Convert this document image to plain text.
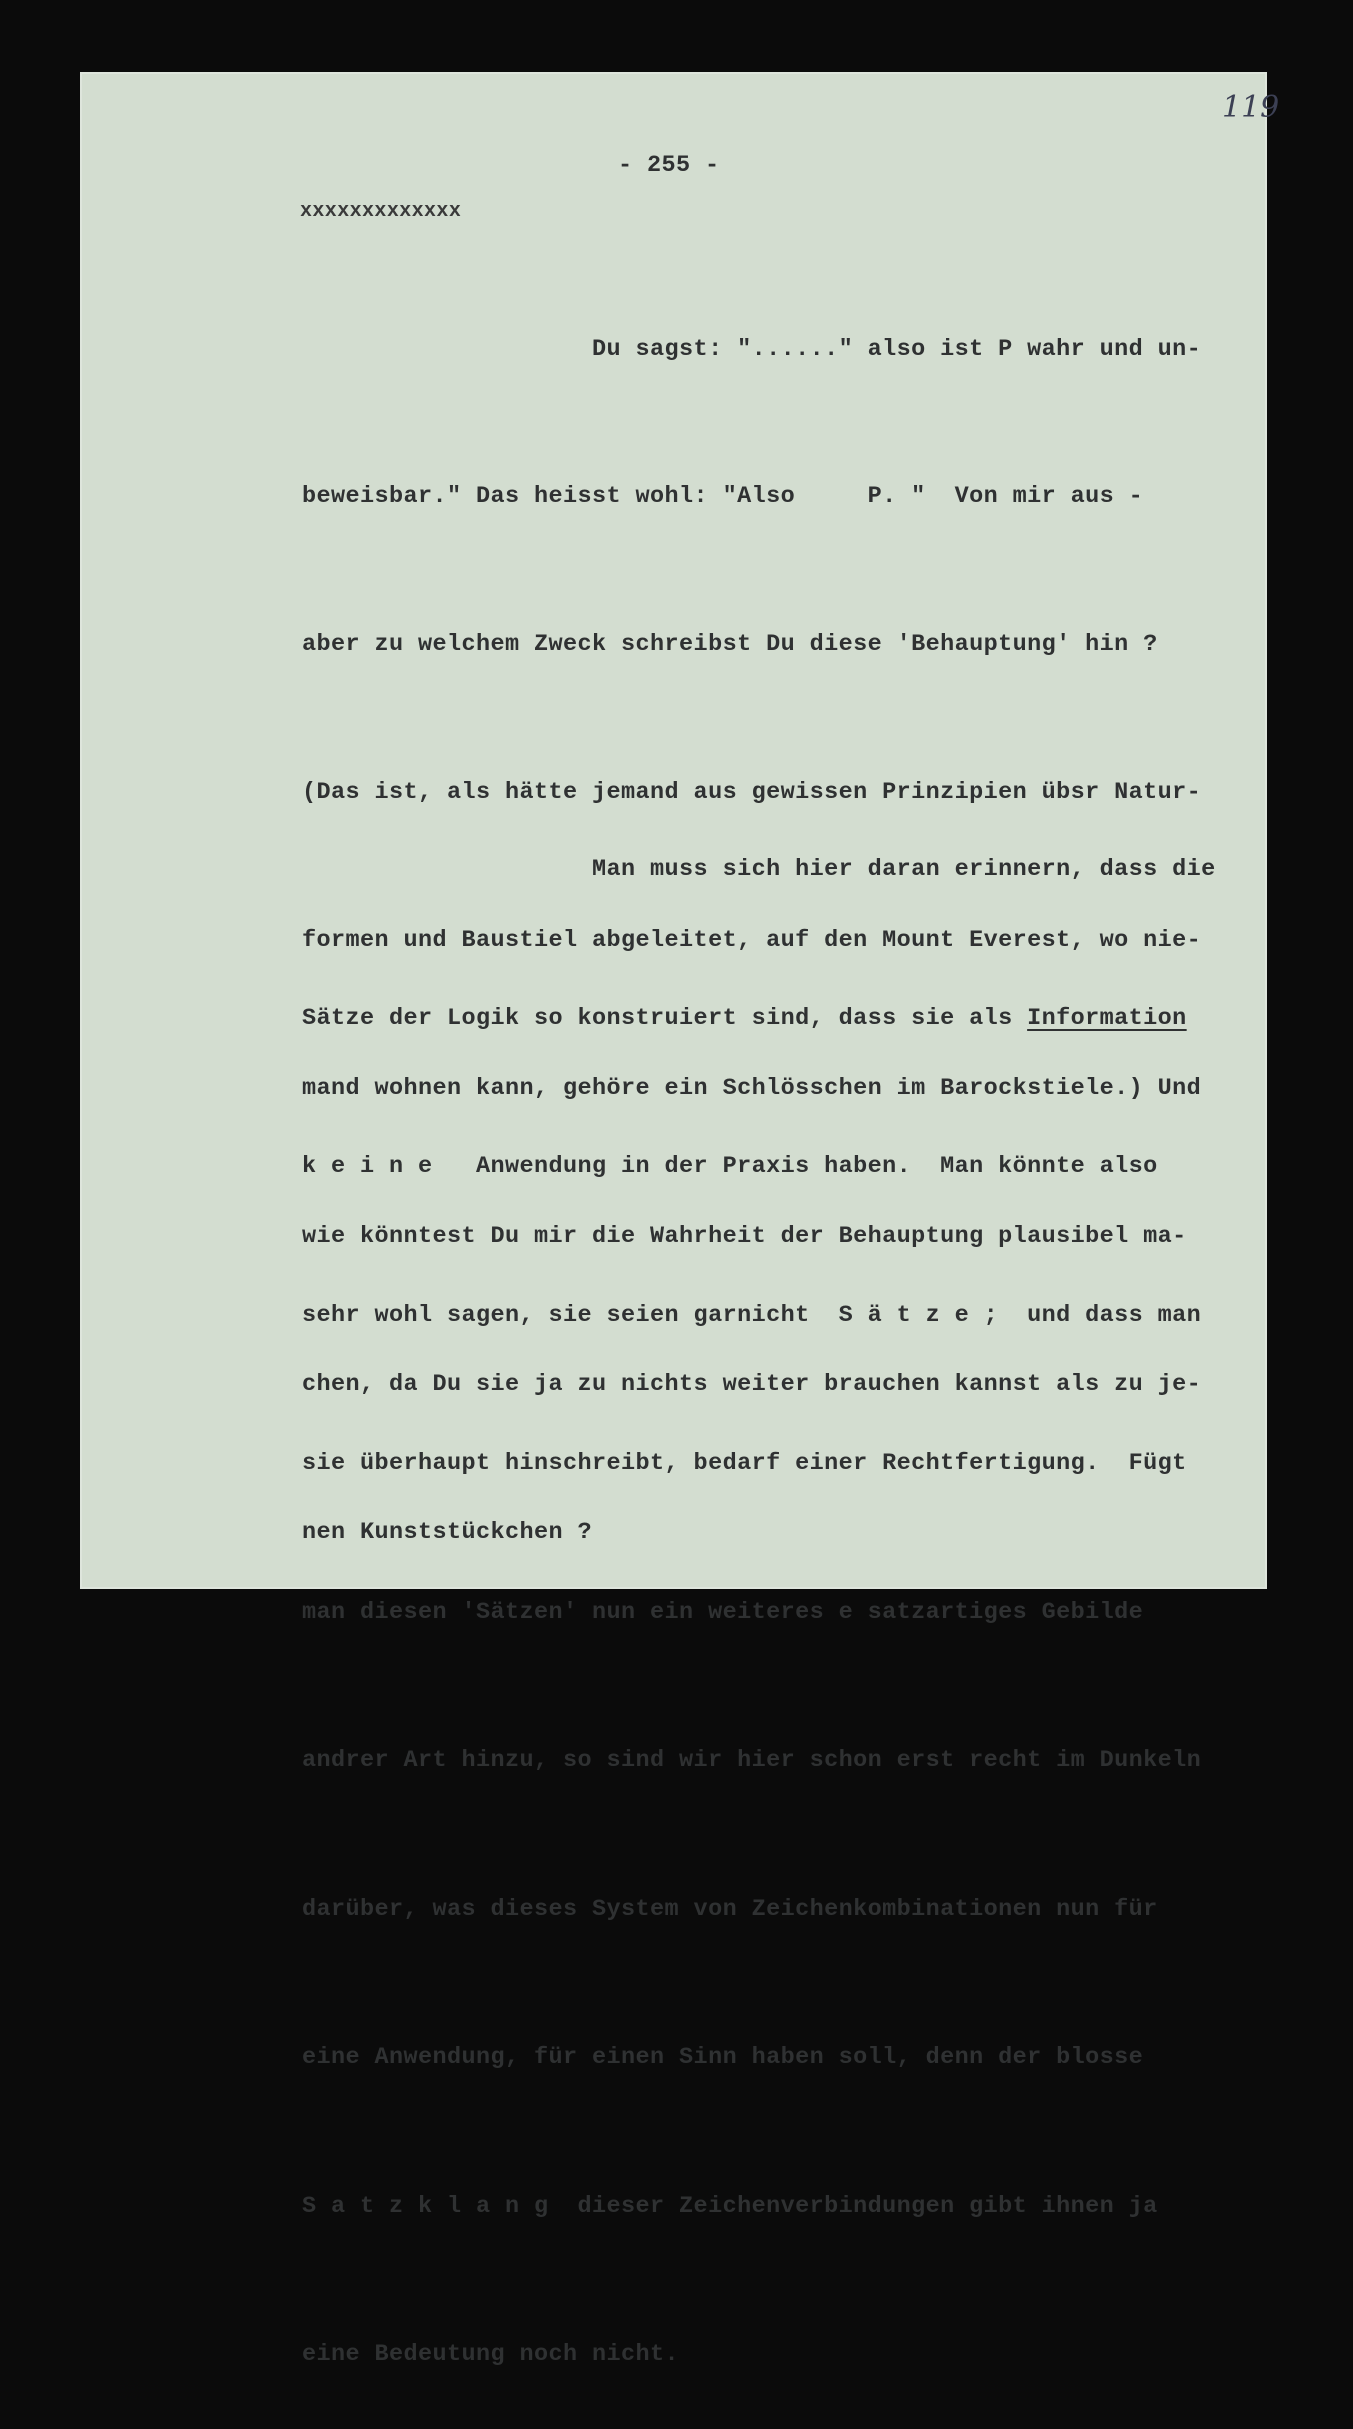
119
- 255 -
xxxxxxxxxxxxx

Du sagst: "......" also ist P wahr und un-

beweisbar." Das heisst wohl: "Also     P. "  Von mir aus -

aber zu welchem Zweck schreibst Du diese 'Behauptung' hin ?

(Das ist, als hätte jemand aus gewissen Prinzipien übsr Natur-

formen und Baustiel abgeleitet, auf den Mount Everest, wo nie-

mand wohnen kann, gehöre ein Schlösschen im Barockstiele.) Und

wie könntest Du mir die Wahrheit der Behauptung plausibel ma-

chen, da Du sie ja zu nichts weiter brauchen kannst als zu je-

nen Kunststückchen ?

Man muss sich hier daran erinnern, dass die

Sätze der Logik so konstruiert sind, dass sie als Information

k e i n e   Anwendung in der Praxis haben.  Man könnte also

sehr wohl sagen, sie seien garnicht  S ä t z e ;  und dass man

sie überhaupt hinschreibt, bedarf einer Rechtfertigung.  Fügt

man diesen 'Sätzen' nun ein weiteres e satzartiges Gebilde

andrer Art hinzu, so sind wir hier schon erst recht im Dunkeln

darüber, was dieses System von Zeichenkombinationen nun für

eine Anwendung, für einen Sinn haben soll, denn der blosse

S a t z k l a n g  dieser Zeichenverbindungen gibt ihnen ja

eine Bedeutung noch nicht.
